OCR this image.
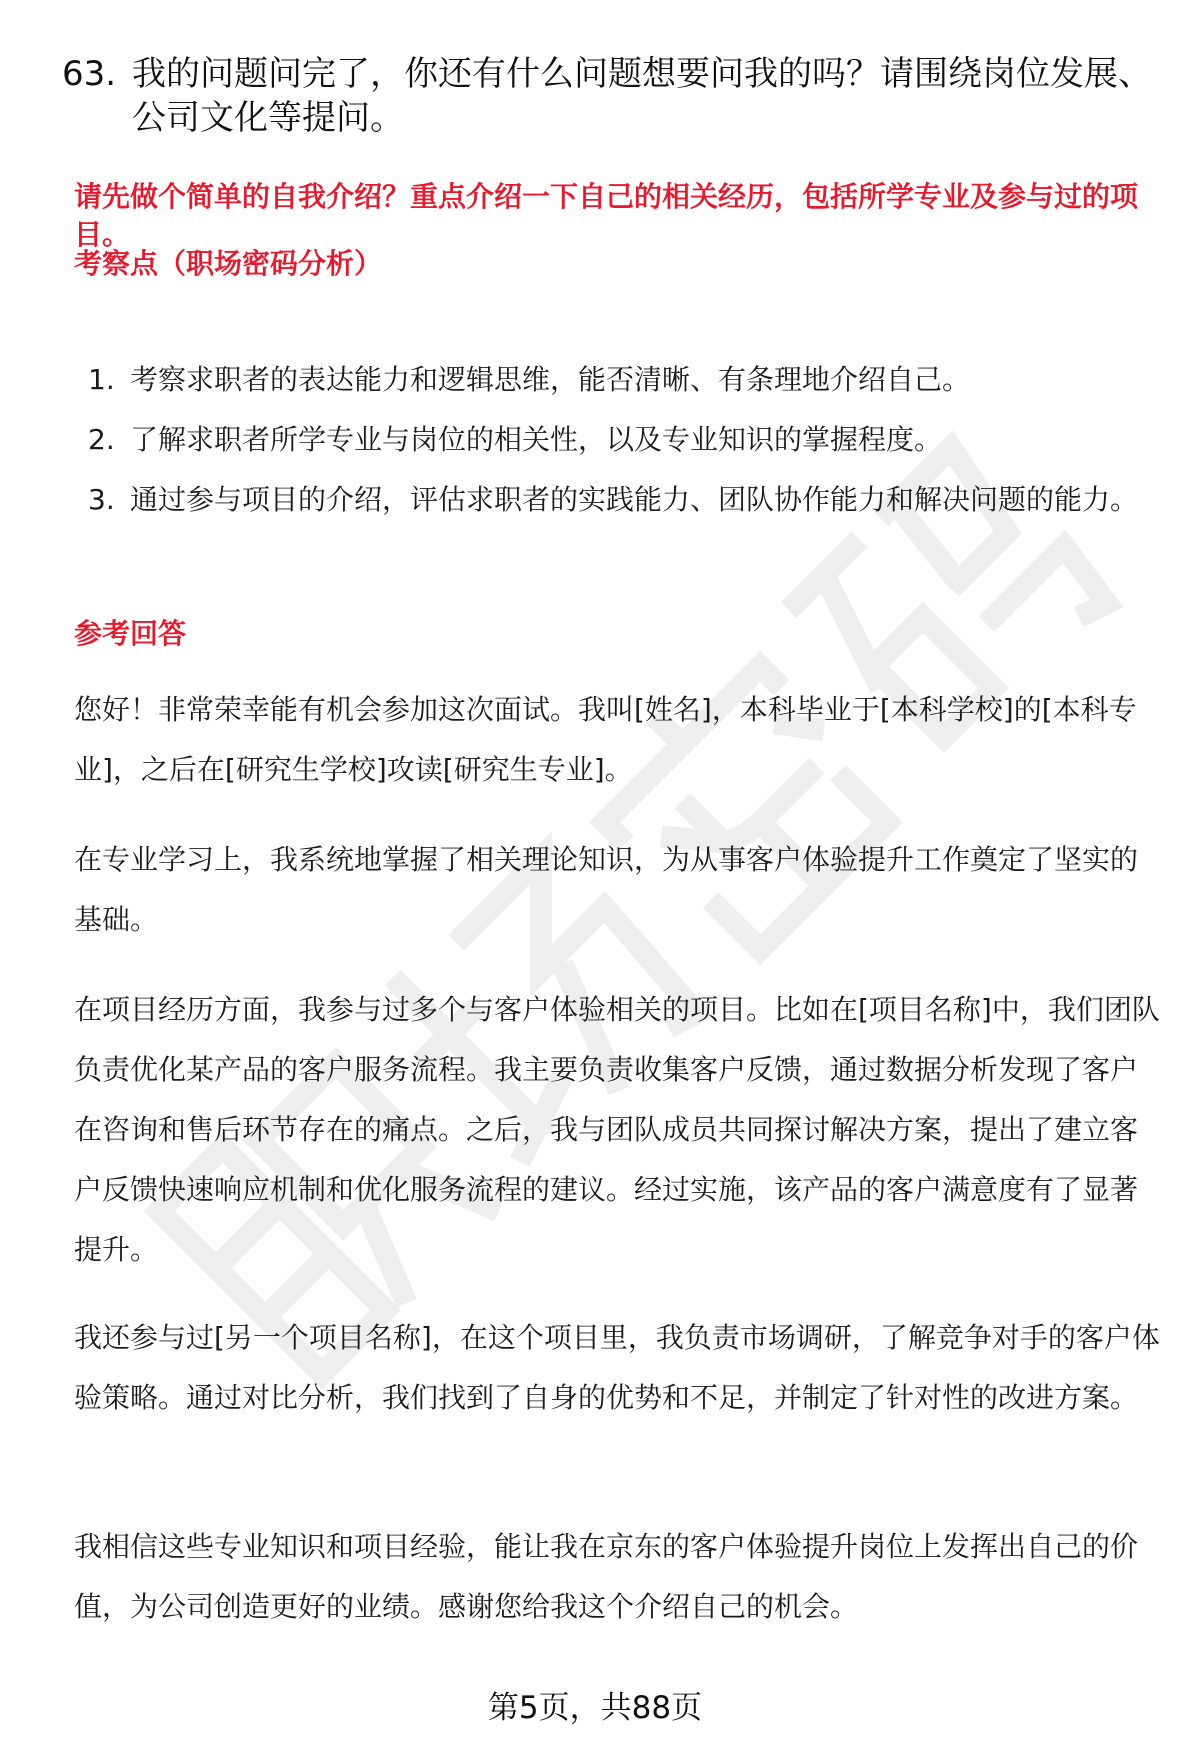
63. 我的问题问完了，你还有什么问题想要问我的吗？请围绕岗位发展、公司文化等提问。
请先做个简单的自我介绍？重点介绍一下自己的相关经历，包括所学专业及参与过的项目。
考察点（职场密码分析）
1. 考察求职者的表达能力和逻辑思维，能否清晰、有条理地介绍自己。
2. 了解求职者所学专业与岗位的相关性，以及专业知识的掌握程度。
3. 通过参与项目的介绍，评估求职者的实践能力、团队协作能力和解决问题的能力。
参考回答
您好！非常荣幸能有机会参加这次面试。我叫[姓名]，本科毕业于[本科学校]的[本科专业]，之后在[研究生学校]攻读[研究生专业]。
在专业学习上，我系统地掌握了相关理论知识，为从事客户体验提升工作奠定了坚实的基础。
在项目经历方面，我参与过多个与客户体验相关的项目。比如在[项目名称]中，我们团队负责优化某产品的客户服务流程。我主要负责收集客户反馈，通过数据分析发现了客户在咨询和售后环节存在的痛点。之后，我与团队成员共同探讨解决方案，提出了建立客户反馈快速响应机制和优化服务流程的建议。经过实施，该产品的客户满意度有了显著提升。
我还参与过[另一个项目名称]，在这个项目里，我负责市场调研，了解竞争对手的客户体验策略。通过对比分析，我们找到了自身的优势和不足，并制定了针对性的改进方案。
我相信这些专业知识和项目经验，能让我在京东的客户体验提升岗位上发挥出自己的价值，为公司创造更好的业绩。感谢您给我这个介绍自己的机会。
第5页，共88页
